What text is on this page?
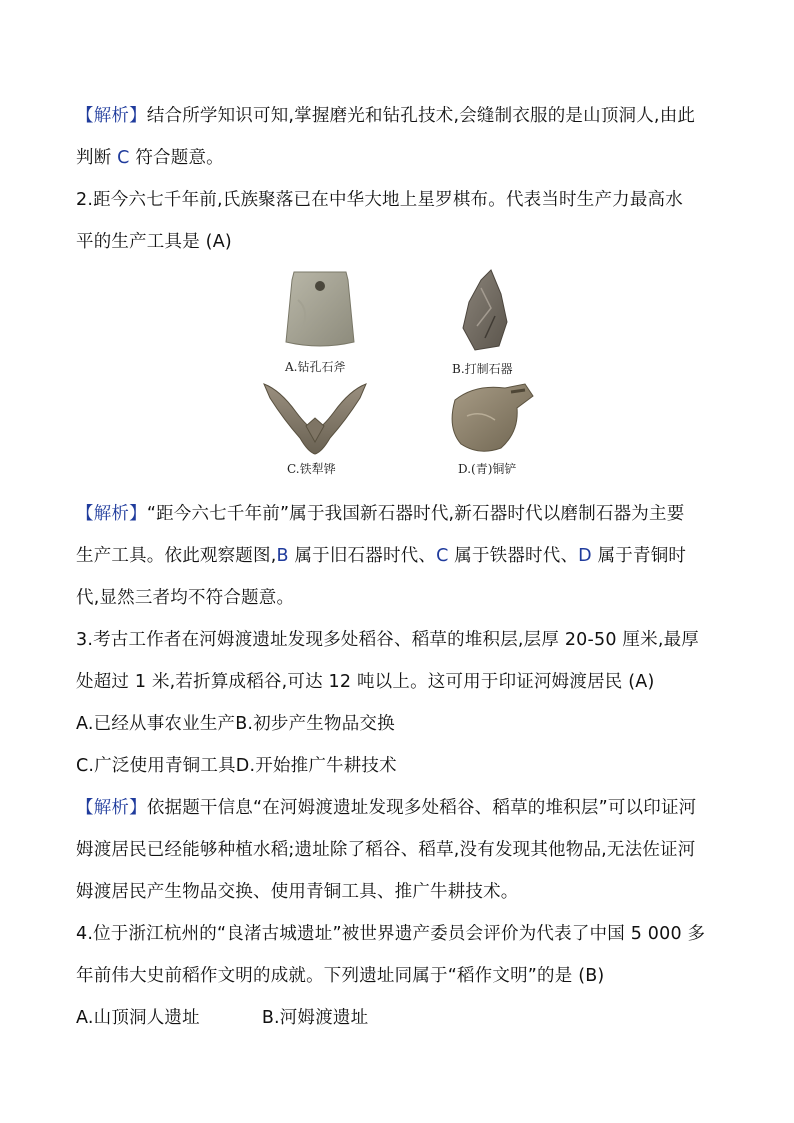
【解析】结合所学知识可知,掌握磨光和钻孔技术,会缝制衣服的是山顶洞人,由此
判断 C 符合题意。
2.距今六七千年前,氏族聚落已在中华大地上星罗棋布。代表当时生产力最高水
平的生产工具是 (A)
A.钻孔石斧	B.打制石器
C.铁犁铧	D.(青)铜铲
【解析】“距今六七千年前”属于我国新石器时代,新石器时代以磨制石器为主要
生产工具。依此观察题图,B 属于旧石器时代、C 属于铁器时代、D 属于青铜时
代,显然三者均不符合题意。
3.考古工作者在河姆渡遗址发现多处稻谷、稻草的堆积层,层厚 20-50 厘米,最厚
处超过 1 米,若折算成稻谷,可达 12 吨以上。这可用于印证河姆渡居民 (A)
A.已经从事农业生产B.初步产生物品交换
C.广泛使用青铜工具D.开始推广牛耕技术
【解析】依据题干信息“在河姆渡遗址发现多处稻谷、稻草的堆积层”可以印证河
姆渡居民已经能够种植水稻;遗址除了稻谷、稻草,没有发现其他物品,无法佐证河
姆渡居民产生物品交换、使用青铜工具、推广牛耕技术。
4.位于浙江杭州的“良渚古城遗址”被世界遗产委员会评价为代表了中国 5 000 多
年前伟大史前稻作文明的成就。下列遗址同属于“稻作文明”的是 (B)
A.山顶洞人遗址	B.河姆渡遗址
